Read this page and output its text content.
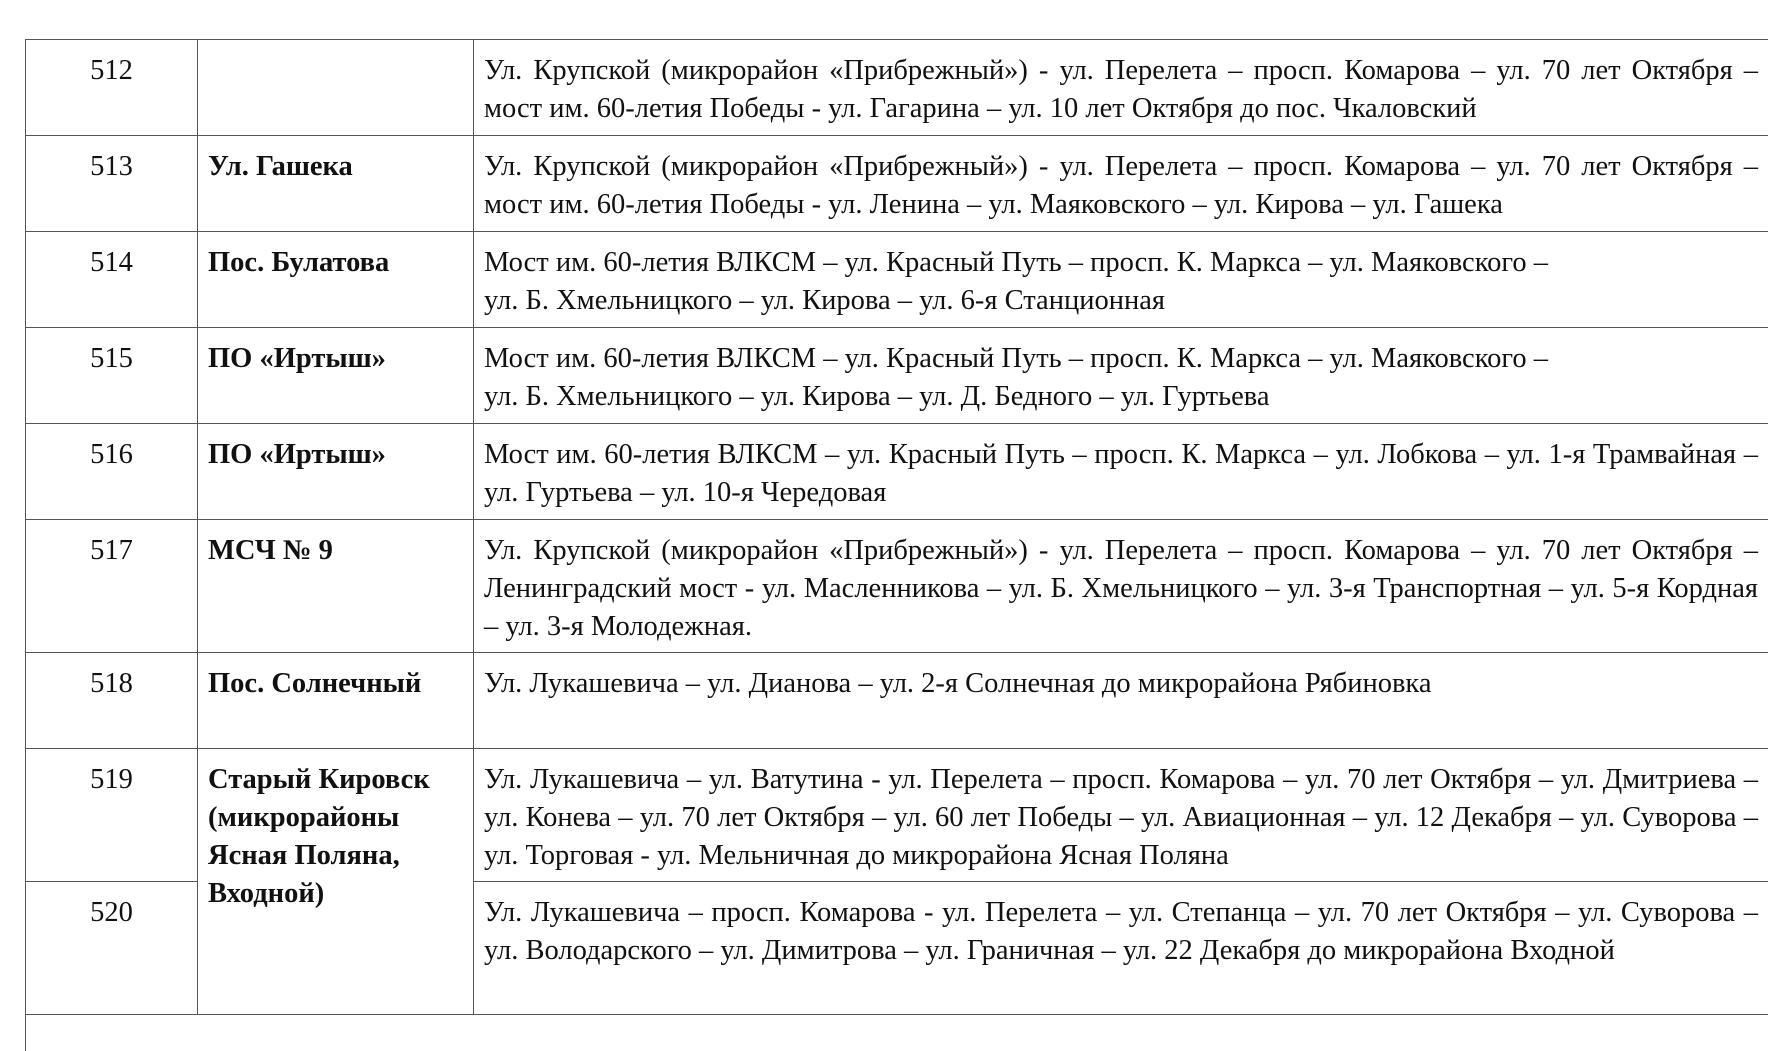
512		Ул. Крупской (микрорайон «Прибрежный») - ул. Перелета – просп. Комарова – ул. 70 лет Октября – мост им. 60-летия Победы - ул. Гагарина – ул. 10 лет Октября до пос. Чкаловский
513	Ул. Гашека	Ул. Крупской (микрорайон «Прибрежный») - ул. Перелета – просп. Комарова – ул. 70 лет Октября – мост им. 60-летия Победы - ул. Ленина – ул. Маяковского – ул. Кирова – ул. Гашека
514	Пос. Булатова	Мост им. 60-летия ВЛКСМ – ул. Красный Путь – просп. К. Маркса – ул. Маяковского –
ул. Б. Хмельницкого – ул. Кирова – ул. 6-я Станционная

515	ПО «Иртыш»	Мост им. 60-летия ВЛКСМ – ул. Красный Путь – просп. К. Маркса – ул. Маяковского –
ул. Б. Хмельницкого – ул. Кирова – ул. Д. Бедного – ул. Гуртьева

516	ПО «Иртыш»	Мост им. 60-летия ВЛКСМ – ул. Красный Путь – просп. К. Маркса – ул. Лобкова – ул. 1-я Трамвайная – ул. Гуртьева – ул. 10-я Чередовая
517	МСЧ № 9	Ул. Крупской (микрорайон «Прибрежный») - ул. Перелета – просп. Комарова – ул. 70 лет Октября – Ленинградский мост - ул. Масленникова – ул. Б. Хмельницкого – ул. 3-я Транспортная – ул. 5-я Кордная – ул. 3-я Молодежная.
518	Пос. Солнечный	Ул. Лукашевича – ул. Дианова – ул. 2-я Солнечная до микрорайона Рябиновка
519	Старый Кировск (микрорайоны Ясная Поляна, Входной)	Ул. Лукашевича – ул. Ватутина - ул. Перелета – просп. Комарова – ул. 70 лет Октября – ул. Дмитриева – ул. Конева – ул. 70 лет Октября – ул. 60 лет Победы – ул. Авиационная – ул. 12 Декабря – ул. Суворова – ул. Торговая - ул. Мельничная до микрорайона Ясная Поляна
520		Ул. Лукашевича – просп. Комарова - ул. Перелета – ул. Степанца – ул. 70 лет Октября – ул. Суворова – ул. Володарского – ул. Димитрова – ул. Граничная – ул. 22 Декабря до микрорайона Входной
